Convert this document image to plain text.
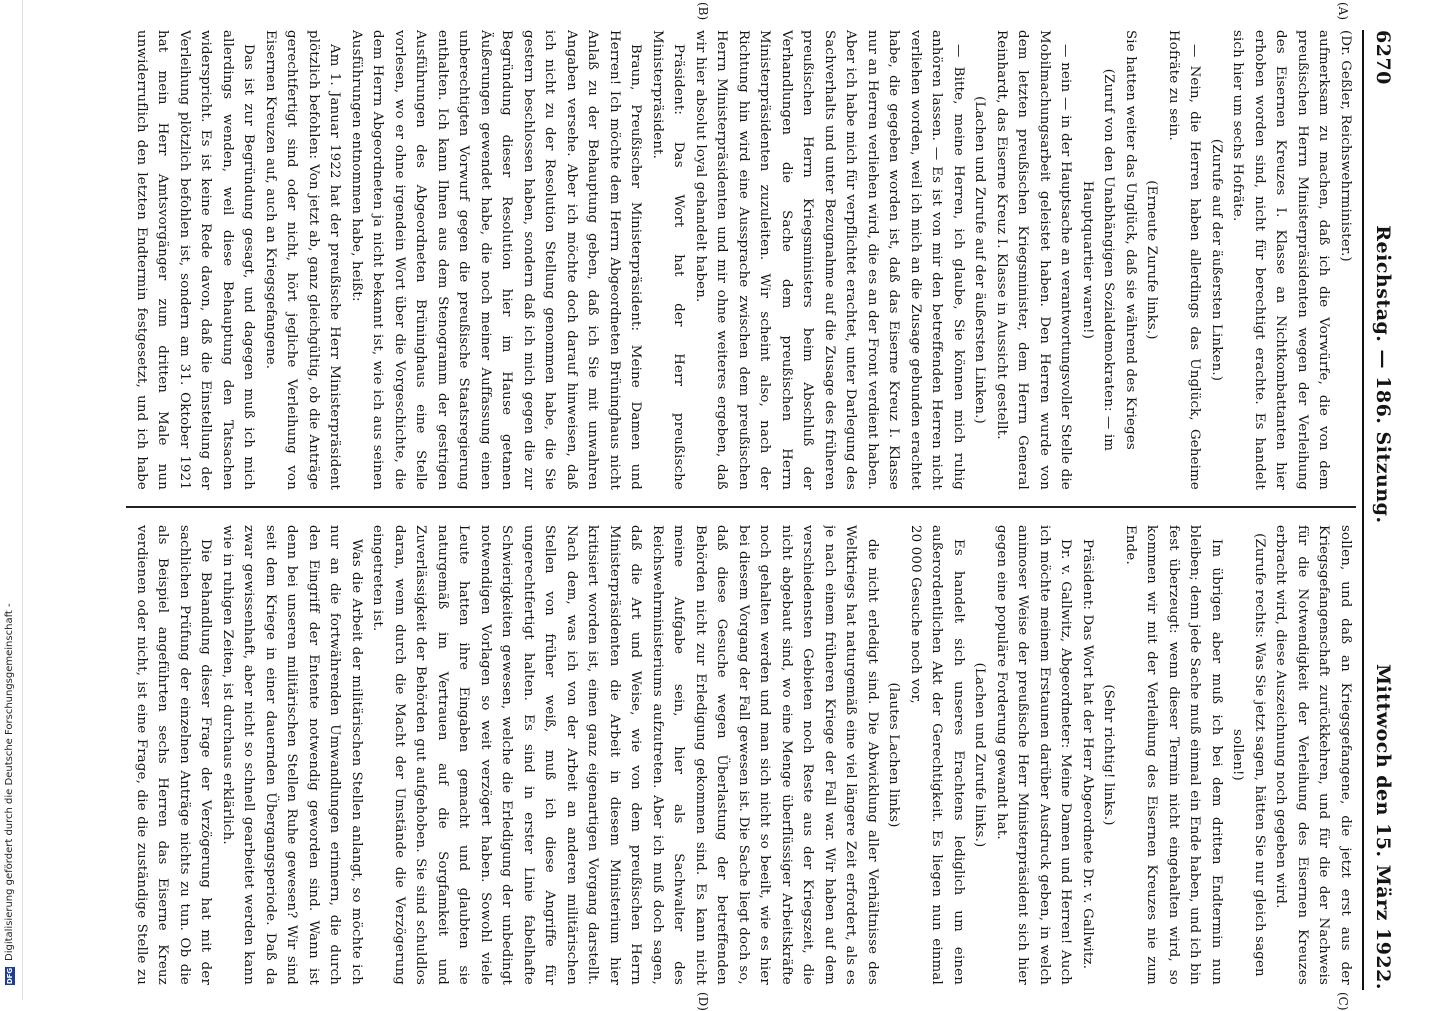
DFG
Digitalisierung gefördert durch die Deutsche Forschungsgemeinschaft -
6270
Reichstag. — 186. Sitzung.
Mittwoch den 15. März 1922.
(A)
(B)
(C)
(D)

(Dr. Geßler, Reichswehrminister.)

aufmerksam zu machen, daß ich die Vorwürfe, die von dem preußischen Herrn Ministerpräsidenten wegen der Verleihung des Eisernen Kreuzes I. Klasse an Nichtkombattanten hier erhoben worden sind, nicht für berechtigt erachte. Es handelt sich hier um sechs Hofräte.

(Zurufe auf der äußersten Linken.)

— Nein, die Herren haben allerdings das Unglück, Geheime Hofräte zu sein.

(Erneute Zurufe links.)

Sie hatten weiter das Unglück, daß sie während des Krieges

(Zuruf von den Unabhängigen Sozialdemokraten: — im Hauptquartier waren!)

— nein — in der Hauptsache an verantwortungsvoller Stelle die Mobilmachungsarbeit geleistet haben. Den Herren wurde von dem letzten preußischen Kriegsminister, dem Herrn General Reinhardt, das Eiserne Kreuz I. Klasse in Aussicht gestellt.

(Lachen und Zurufe auf der äußersten Linken.)

— Bitte, meine Herren, ich glaube, Sie können mich ruhig anhören lassen. — Es ist von mir den betreffenden Herren nicht verliehen worden, weil ich mich an die Zusage gebunden erachtet habe, die gegeben worden ist, daß das Eiserne Kreuz I. Klasse nur an Herren verliehen wird, die es an der Front verdient haben. Aber ich habe mich für verpflichtet erachtet, unter Darlegung des Sachverhalts und unter Bezugnahme auf die Zusage des früheren preußischen Herrn Kriegsministers beim Abschluß der Verhandlungen die Sache dem preußischen Herrn Ministerpräsidenten zuzuleiten. Wir scheint also, nach der Richtung hin wird eine Aussprache zwischen dem preußischen Herrn Ministerpräsidenten und mir ohne weiteres ergeben, daß wir hier absolut loyal gehandelt haben.

Präsident: Das Wort hat der Herr preußische Ministerpräsident.

Braun, Preußischer Ministerpräsident: Meine Damen und Herren! Ich möchte dem Herrn Abgeordneten Brüninghaus nicht Anlaß zu der Behauptung geben, daß ich Sie mit unwahren Angaben versehe. Aber ich möchte doch darauf hinweisen, daß ich nicht zu der Resolution Stellung genommen habe, die Sie gestern beschlossen haben, sondern daß ich mich gegen die zur Begründung dieser Resolution hier im Hause getanen Äußerungen gewendet habe, die noch meiner Auffassung einen unberechtigten Vorwurf gegen die preußische Staatsregierung enthalten. Ich kann Ihnen aus dem Stenogramm der gestrigen Ausführungen des Abgeordneten Brüninghaus eine Stelle vorlesen, wo er ohne irgendein Wort über die Vorgeschichte, die dem Herrn Abgeordneten ja nicht bekannt ist, wie ich aus seinen Ausführungen entnommen habe, heißt:

Am 1. Januar 1922 hat der preußische Herr Ministerpräsident plötzlich befohlen: Von jetzt ab, ganz gleichgültig, ob die Anträge gerechtfertigt sind oder nicht, hört jegliche Verleihung von Eisernen Kreuzen auf, auch an Kriegsgefangene.

Das ist zur Begründung gesagt, und dagegen muß ich mich allerdings wenden, weil diese Behauptung den Tatsachen widerspricht. Es ist keine Rede davon, daß die Einstellung der Verleihung plötzlich befohlen ist, sondern am 31. Oktober 1921 hat mein Herr Amtsvorgänger zum dritten Male nun unwiderruflich den letzten Endtermin festgesetzt, und ich habe

sollen, und daß an Kriegsgefangene, die jetzt erst aus der Kriegsgefangenschaft zurückkehren, und für die der Nachweis für die Notwendigkeit der Verleihung des Eisernen Kreuzes erbracht wird, diese Auszeichnung noch gegeben wird.

(Zurufe rechts: Was Sie jetzt sagen, hätten Sie nur gleich sagen sollen!)

Im übrigen aber muß ich bei dem dritten Endtermin nun bleiben; denn jede Sache muß einmal ein Ende haben, und ich bin fest überzeugt: wenn dieser Termin nicht eingehalten wird, so kommen wir mit der Verleihung des Eisernen Kreuzes nie zum Ende.

(Sehr richtig! links.)

Präsident: Das Wort hat der Herr Abgeordnete Dr. v. Gallwitz.

Dr. v. Gallwitz, Abgeordneter: Meine Damen und Herren! Auch ich möchte meinem Erstaunen darüber Ausdruck geben, in welch animoser Weise der preußische Herr Ministerpräsident sich hier gegen eine populäre Forderung gewandt hat.

(Lachen und Zurufe links.)

Es handelt sich unseres Erachtens lediglich um einen außerordentlichen Akt der Gerechtigkeit. Es liegen nun einmal 20 000 Gesuche noch vor,

(lautes Lachen links)

die nicht erledigt sind. Die Abwicklung aller Verhältnisse des Weltkriegs hat naturgemäß eine viel längere Zeit erfordert, als es je nach einem früheren Kriege der Fall war. Wir haben auf dem verschiedensten Gebieten noch Reste aus der Kriegszeit, die nicht abgebaut sind, wo eine Menge überflüssiger Arbeitskräfte noch gehalten werden und man sich nicht so beeilt, wie es hier bei diesem Vorgang der Fall gewesen ist. Die Sache liegt doch so, daß diese Gesuche wegen Überlastung der betreffenden Behörden nicht zur Erledigung gekommen sind. Es kann nicht meine Aufgabe sein, hier als Sachwalter des Reichswehrministeriums aufzutreten. Aber ich muß doch sagen, daß die Art und Weise, wie von dem preußischen Herrn Ministerpräsidenten die Arbeit in diesem Ministerium hier kritisiert worden ist, einen ganz eigenartigen Vorgang darstellt. Nach dem, was ich von der Arbeit an anderen militärischen Stellen von früher weiß, muß ich diese Angriffe für ungerechtfertigt halten. Es sind in erster Linie fabelhafte Schwierigkeiten gewesen, welche die Erledigung der unbedingt notwendigen Vorlagen so weit verzögert haben. Sowohl viele Leute hatten ihre Eingaben gemacht und glaubten sie naturgemäß im Vertrauen auf die Sorgfamkeit und Zuverlässigkeit der Behörden gut aufgehoben. Sie sind schuldlos daran, wenn durch die Macht der Umstände die Verzögerung eingetreten ist.

Was die Arbeit der militärischen Stellen anlangt, so möchte ich nur an die fortwährenden Umwandlungen erinnern, die durch den Eingriff der Entente notwendig geworden sind. Wann ist denn bei unseren militärischen Stellen Ruhe gewesen? Wir sind seit dem Kriege in einer dauernden Übergangsperiode. Daß da zwar gewissenhaft, aber nicht so schnell gearbeitet werden kann wie in ruhigen Zeiten, ist durchaus erklärlich.

Die Behandlung dieser Frage der Verzögerung hat mit der sachlichen Prüfung der einzelnen Anträge nichts zu tun. Ob die als Beispiel angeführten sechs Herren das Eiserne Kreuz verdienen oder nicht, ist eine Frage, die die zuständige Stelle zu
